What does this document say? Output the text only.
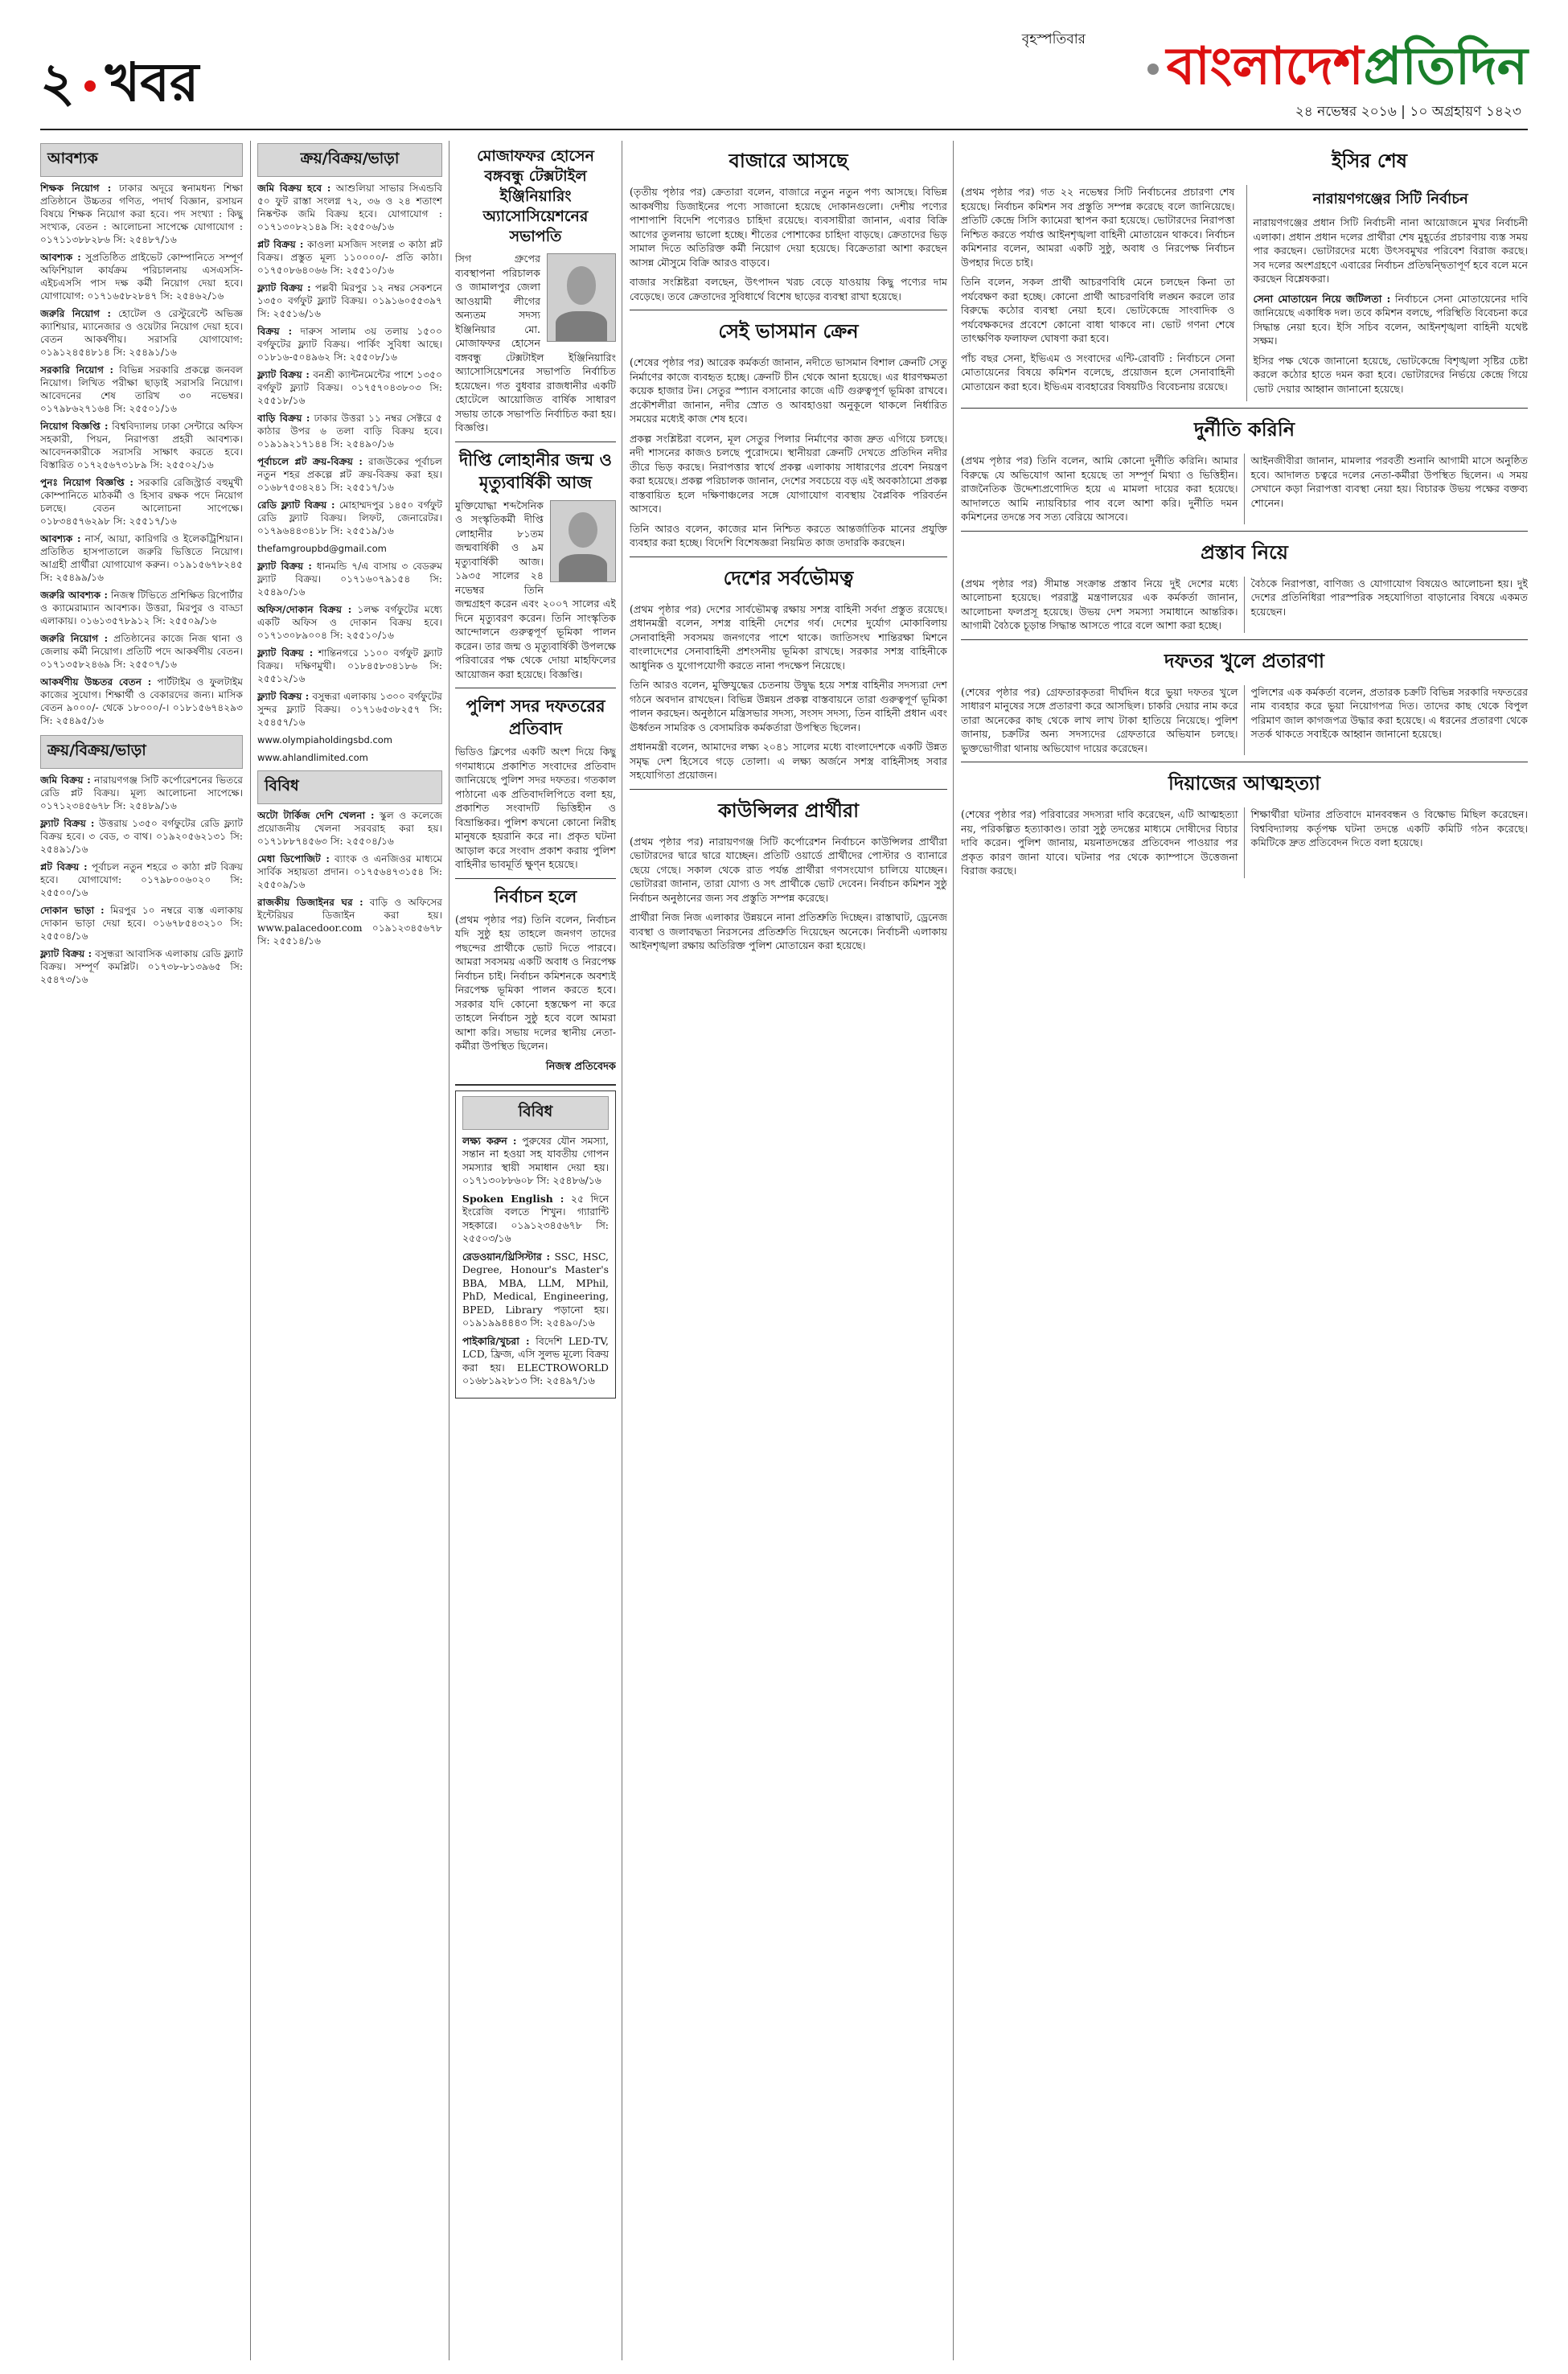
২ খবর
বৃহস্পতিবার	বাংলাদেশপ্রতিদিন
২৪ নভেম্বর ২০১৬ | ১০ অগ্রহায়ণ ১৪২৩
আবশ্যক

শিক্ষক নিয়োগ : ঢাকার অদূরে স্বনামধন্য শিক্ষা প্রতিষ্ঠানে উচ্চতর গণিত, পদার্থ বিজ্ঞান, রসায়ন বিষয়ে শিক্ষক নিয়োগ করা হবে। পদ সংখ্যা : কিছু সংখ্যক, বেতন : আলোচনা সাপেক্ষে যোগাযোগ : ০১৭১১৩৮৮২৮৬ সি: ২৫৪৮৭/১৬

আবশ্যক : সুপ্রতিষ্ঠিত প্রাইভেট কোম্পানিতে সম্পূর্ণ অফিশিয়াল কার্যক্রম পরিচালনায় এসএসসি-এইচএসসি পাস দক্ষ কর্মী নিয়োগ দেয়া হবে। যোগাযোগ: ০১৭১৬৫৮২৮৪৭ সি: ২৫৪৬২/১৬

জরুরি নিয়োগ : হোটেল ও রেস্টুরেন্টে অভিজ্ঞ ক্যাশিয়ার, ম্যানেজার ও ওয়েটার নিয়োগ দেয়া হবে। বেতন আকর্ষণীয়। সরাসরি যোগাযোগ: ০১৯১২৪৫৪৮১৪ সি: ২৫৪৯১/১৬

সরকারি নিয়োগ : বিভিন্ন সরকারি প্রকল্পে জনবল নিয়োগ। লিখিত পরীক্ষা ছাড়াই সরাসরি নিয়োগ। আবেদনের শেষ তারিখ ৩০ নভেম্বর। ০১৭৯৮৬২৭১৬৪ সি: ২৫৫০১/১৬

নিয়োগ বিজ্ঞপ্তি : বিশ্ববিদ্যালয় ঢাকা সেন্টারে অফিস সহকারী, পিয়ন, নিরাপত্তা প্রহরী আবশ্যক। আবেদনকারীকে সরাসরি সাক্ষাৎ করতে হবে। বিস্তারিত ০১৭২৫৬৭৩১৮৯ সি: ২৫৫০২/১৬

পুনঃ নিয়োগ বিজ্ঞপ্তি : সরকারি রেজিস্ট্রার্ড বহুমুখী কোম্পানিতে মাঠকর্মী ও হিসাব রক্ষক পদে নিয়োগ চলছে। বেতন আলোচনা সাপেক্ষে। ০১৮৩৪৫৭৬২৯৮ সি: ২৫৫১৭/১৬

আবশ্যক : নার্স, আয়া, কারিগরি ও ইলেকট্রিশিয়ান। প্রতিষ্ঠিত হাসপাতালে জরুরি ভিত্তিতে নিয়োগ। আগ্রহী প্রার্থীরা যোগাযোগ করুন। ০১৯১৫৬৭৮২৪৫ সি: ২৫৪৯৯/১৬

জরুরি আবশ্যক : নিজস্ব টিভিতে প্রশিক্ষিত রিপোর্টার ও ক্যামেরাম্যান আবশ্যক। উত্তরা, মিরপুর ও বাড্ডা এলাকায়। ০১৬১৩৫৭৮৯১২ সি: ২৫৫০৯/১৬

জরুরি নিয়োগ : প্রতিষ্ঠানের কাজে নিজ থানা ও জেলায় কর্মী নিয়োগ। প্রতিটি পদে আকর্ষণীয় বেতন। ০১৭১৩৫৮২৪৬৯ সি: ২৫৫০৭/১৬

আকর্ষণীয় উচ্চতর বেতন : পার্টটাইম ও ফুলটাইম কাজের সুযোগ। শিক্ষার্থী ও বেকারদের জন্য। মাসিক বেতন ৯০০০/- থেকে ১৮০০০/-। ০১৮১৫৬৭৪২৯৩ সি: ২৫৪৯৫/১৬

ক্রয়/বিক্রয়/ভাড়া

জমি বিক্রয় : নারায়ণগঞ্জ সিটি কর্পোরেশনের ভিতরে রেডি প্লট বিক্রয়। মূল্য আলোচনা সাপেক্ষে। ০১৭১২৩৪৫৬৭৮ সি: ২৫৪৮৯/১৬

ফ্ল্যাট বিক্রয় : উত্তরায় ১৩৫০ বর্গফুটের রেডি ফ্ল্যাট বিক্রয় হবে। ৩ বেড, ৩ বাথ। ০১৯২০৫৬২১৩১ সি: ২৫৪৯১/১৬

প্লট বিক্রয় : পূর্বাচল নতুন শহরে ৩ কাঠা প্লট বিক্রয় হবে। যোগাযোগ: ০১৭৯৮০০৬০২০ সি: ২৫৫০০/১৬

দোকান ভাড়া : মিরপুর ১০ নম্বরে ব্যস্ত এলাকায় দোকান ভাড়া দেয়া হবে। ০১৬৭৮৫৪৩২১০ সি: ২৫৫০৪/১৬

ফ্ল্যাট বিক্রয় : বসুন্ধরা আবাসিক এলাকায় রেডি ফ্ল্যাট বিক্রয়। সম্পূর্ণ কমপ্লিট। ০১৭৩৮-৮১৩৯৬৫ সি: ২৫৪৭৩/১৬

ক্রয়/বিক্রয়/ভাড়া

জমি বিক্রয় হবে : আশুলিয়া সাভার সিএন্ডবি ৫০ ফুট রাস্তা সংলগ্ন ৭২, ৩৬ ও ২৪ শতাংশ নিষ্কণ্টক জমি বিক্রয় হবে। যোগাযোগ : ০১৭১৩০৮২১৪৯ সি: ২৫৫০৬/১৬

প্লট বিক্রয় : কাওলা মসজিদ সংলগ্ন ৩ কাঠা প্লট বিক্রয়। প্রস্তুত মূল্য ১১০০০০/- প্রতি কাঠা। ০১৭৫০৮৬৪০৬৬ সি: ২৫৫১০/১৬

ফ্ল্যাট বিক্রয় : পল্লবী মিরপুর ১২ নম্বর সেকশনে ১৩৫০ বর্গফুট ফ্ল্যাট বিক্রয়। ০১৯১৬০৫৫৩৯৭ সি: ২৫৫১৬/১৬

বিক্রয় : দারুস সালাম ৩য় তলায় ১৫০০ বর্গফুটের ফ্ল্যাট বিক্রয়। পার্কিং সুবিধা আছে। ০১৮১৬-৫০৪৯৬২ সি: ২৫৫০৮/১৬

ফ্ল্যাট বিক্রয় : বনশ্রী ক্যান্টনমেন্টের পাশে ১৩৫০ বর্গফুট ফ্ল্যাট বিক্রয়। ০১৭৫৭০৪৩৮০৩ সি: ২৫৫১৮/১৬

বাড়ি বিক্রয় : ঢাকার উত্তরা ১১ নম্বর সেক্টরে ৫ কাঠার উপর ৬ তলা বাড়ি বিক্রয় হবে। ০১৯১৯২১৭১৪৪ সি: ২৫৪৯০/১৬

পূর্বাচলে প্লট ক্রয়-বিক্রয় : রাজউকের পূর্বাচল নতুন শহর প্রকল্পে প্লট ক্রয়-বিক্রয় করা হয়। ০১৬৮৭৫৩৪২৪১ সি: ২৫৫১৭/১৬

রেডি ফ্ল্যাট বিক্রয় : মোহাম্মদপুর ১৪৫০ বর্গফুট রেডি ফ্ল্যাট বিক্রয়। লিফট, জেনারেটর। ০১৭৯৬৪৪৩৪১৮ সি: ২৫৫১৯/১৬

thefamgroupbd@gmail.com

ফ্ল্যাট বিক্রয় : ধানমন্ডি ৭/এ বাসায় ৩ বেডরুম ফ্ল্যাট বিক্রয়। ০১৭১৬০৭৯১৫৪ সি: ২৫৪৯০/১৬

অফিস/দোকান বিক্রয় : ১লক্ষ বর্গফুটের মধ্যে একটি অফিস ও দোকান বিক্রয় হবে। ০১৭১৩০৮৯০০৪ সি: ২৫৫১০/১৬

ফ্ল্যাট বিক্রয় : শান্তিনগরে ১১০০ বর্গফুট ফ্ল্যাট বিক্রয়। দক্ষিণমুখী। ০১৮৪৫৮৩৪১৮৬ সি: ২৫৫১২/১৬

ফ্ল্যাট বিক্রয় : বসুন্ধরা এলাকায় ১৩০০ বর্গফুটের সুন্দর ফ্ল্যাট বিক্রয়। ০১৭১৬৫৩৮২৫৭ সি: ২৫৪৫৭/১৬

www.olympiaholdingsbd.com

www.ahlandlimited.com

বিবিধ

অটো টার্কিজ দেশি খেলনা : স্কুল ও কলেজে প্রয়োজনীয় খেলনা সরবরাহ করা হয়। ০১৭১৮৮৭৪৫৬৩ সি: ২৫৫০৪/১৬

মেধা ডিপোজিট : ব্যাংক ও এনজিওর মাধ্যমে সার্বিক সহায়তা প্রদান। ০১৭৫৬৪৭৩১৫৪ সি: ২৫৫০৯/১৬

রাজকীয় ডিজাইনর ঘর : বাড়ি ও অফিসের ইন্টেরিয়র ডিজাইন করা হয়। www.palacedoor.com ০১৯১২৩৪৫৬৭৮ সি: ২৫৫১৪/১৬

মোজাফফর হোসেন বঙ্গবন্ধু টেক্সটাইল ইঞ্জিনিয়ারিং অ্যাসোসিয়েশনের সভাপতি

সিগ গ্রুপের ব্যবস্থাপনা পরিচালক ও জামালপুর জেলা আওয়ামী লীগের অন্যতম সদস্য ইঞ্জিনিয়ার মো. মোজাফফর হোসেন বঙ্গবন্ধু টেক্সটাইল ইঞ্জিনিয়ারিং অ্যাসোসিয়েশনের সভাপতি নির্বাচিত হয়েছেন। গত বুধবার রাজধানীর একটি হোটেলে আয়োজিত বার্ষিক সাধারণ সভায় তাকে সভাপতি নির্বাচিত করা হয়। বিজ্ঞপ্তি।

দীপ্তি লোহানীর জন্ম ও মৃত্যুবার্ষিকী আজ

মুক্তিযোদ্ধা শব্দসৈনিক ও সংস্কৃতিকর্মী দীপ্তি লোহানীর ৮১তম জন্মবার্ষিকী ও ৯ম মৃত্যুবার্ষিকী আজ। ১৯৩৫ সালের ২৪ নভেম্বর তিনি জন্মগ্রহণ করেন এবং ২০০৭ সালের এই দিনে মৃত্যুবরণ করেন। তিনি সাংস্কৃতিক আন্দোলনে গুরুত্বপূর্ণ ভূমিকা পালন করেন। তার জন্ম ও মৃত্যুবার্ষিকী উপলক্ষে পরিবারের পক্ষ থেকে দোয়া মাহফিলের আয়োজন করা হয়েছে। বিজ্ঞপ্তি।

পুলিশ সদর দফতরের প্রতিবাদ

ভিডিও ক্লিপের একটি অংশ দিয়ে কিছু গণমাধ্যমে প্রকাশিত সংবাদের প্রতিবাদ জানিয়েছে পুলিশ সদর দফতর। গতকাল পাঠানো এক প্রতিবাদলিপিতে বলা হয়, প্রকাশিত সংবাদটি ভিত্তিহীন ও বিভ্রান্তিকর। পুলিশ কখনো কোনো নিরীহ মানুষকে হয়রানি করে না। প্রকৃত ঘটনা আড়াল করে সংবাদ প্রকাশ করায় পুলিশ বাহিনীর ভাবমূর্তি ক্ষুণ্ন হয়েছে।

নির্বাচন হলে

(প্রথম পৃষ্ঠার পর) তিনি বলেন, নির্বাচন যদি সুষ্ঠু হয় তাহলে জনগণ তাদের পছন্দের প্রার্থীকে ভোট দিতে পারবে। আমরা সবসময় একটি অবাধ ও নিরপেক্ষ নির্বাচন চাই। নির্বাচন কমিশনকে অবশ্যই নিরপেক্ষ ভূমিকা পালন করতে হবে। সরকার যদি কোনো হস্তক্ষেপ না করে তাহলে নির্বাচন সুষ্ঠু হবে বলে আমরা আশা করি। সভায় দলের স্থানীয় নেতা-কর্মীরা উপস্থিত ছিলেন।

নিজস্ব প্রতিবেদক
বিবিধ

লক্ষ্য করুন : পুরুষের যৌন সমস্যা, সন্তান না হওয়া সহ যাবতীয় গোপন সমস্যার স্থায়ী সমাধান দেয়া হয়। ০১৭১৩০৮৮৬০৮ সি: ২৫৪৮৬/১৬

Spoken English : ২৫ দিনে ইংরেজি বলতে শিখুন। গ্যারান্টি সহকারে। ০১৯১২৩৪৫৬৭৮ সি: ২৫৫০৩/১৬

রেডওয়ান/থ্রিসিস্টার : SSC, HSC, Degree, Honour's Master's BBA, MBA, LLM, MPhil, PhD, Medical, Engineering, BPED, Library পড়ানো হয়। ০১৯১৯৯৪৪৪৩ সি: ২৫৪৯০/১৬

পাইকারি/খুচরা : বিদেশি LED-TV, LCD, ফ্রিজ, এসি সুলভ মূল্যে বিক্রয় করা হয়। ELECTROWORLD ০১৬৮১৯২৮১৩ সি: ২৫৪৯৭/১৬

বাজারে আসছে

(তৃতীয় পৃষ্ঠার পর) ক্রেতারা বলেন, বাজারে নতুন নতুন পণ্য আসছে। বিভিন্ন আকর্ষণীয় ডিজাইনের পণ্যে সাজানো হয়েছে দোকানগুলো। দেশীয় পণ্যের পাশাপাশি বিদেশি পণ্যেরও চাহিদা রয়েছে। ব্যবসায়ীরা জানান, এবার বিক্রি আগের তুলনায় ভালো হচ্ছে। শীতের পোশাকের চাহিদা বাড়ছে। ক্রেতাদের ভিড় সামাল দিতে অতিরিক্ত কর্মী নিয়োগ দেয়া হয়েছে। বিক্রেতারা আশা করছেন আসন্ন মৌসুমে বিক্রি আরও বাড়বে।

বাজার সংশ্লিষ্টরা বলছেন, উৎপাদন খরচ বেড়ে যাওয়ায় কিছু পণ্যের দাম বেড়েছে। তবে ক্রেতাদের সুবিধার্থে বিশেষ ছাড়ের ব্যবস্থা রাখা হয়েছে।

সেই ভাসমান ক্রেন

(শেষের পৃষ্ঠার পর) আরেক কর্মকর্তা জানান, নদীতে ভাসমান বিশাল ক্রেনটি সেতু নির্মাণের কাজে ব্যবহৃত হচ্ছে। ক্রেনটি চীন থেকে আনা হয়েছে। এর ধারণক্ষমতা কয়েক হাজার টন। সেতুর স্প্যান বসানোর কাজে এটি গুরুত্বপূর্ণ ভূমিকা রাখবে। প্রকৌশলীরা জানান, নদীর স্রোত ও আবহাওয়া অনুকূলে থাকলে নির্ধারিত সময়ের মধ্যেই কাজ শেষ হবে।

প্রকল্প সংশ্লিষ্টরা বলেন, মূল সেতুর পিলার নির্মাণের কাজ দ্রুত এগিয়ে চলছে। নদী শাসনের কাজও চলছে পুরোদমে। স্থানীয়রা ক্রেনটি দেখতে প্রতিদিন নদীর তীরে ভিড় করছে। নিরাপত্তার স্বার্থে প্রকল্প এলাকায় সাধারণের প্রবেশ নিয়ন্ত্রণ করা হয়েছে। প্রকল্প পরিচালক জানান, দেশের সবচেয়ে বড় এই অবকাঠামো প্রকল্প বাস্তবায়িত হলে দক্ষিণাঞ্চলের সঙ্গে যোগাযোগ ব্যবস্থায় বৈপ্লবিক পরিবর্তন আসবে।

তিনি আরও বলেন, কাজের মান নিশ্চিত করতে আন্তর্জাতিক মানের প্রযুক্তি ব্যবহার করা হচ্ছে। বিদেশি বিশেষজ্ঞরা নিয়মিত কাজ তদারকি করছেন।

দেশের সর্বভৌমত্ব

(প্রথম পৃষ্ঠার পর) দেশের সার্বভৌমত্ব রক্ষায় সশস্ত্র বাহিনী সর্বদা প্রস্তুত রয়েছে। প্রধানমন্ত্রী বলেন, সশস্ত্র বাহিনী দেশের গর্ব। দেশের দুর্যোগ মোকাবিলায় সেনাবাহিনী সবসময় জনগণের পাশে থাকে। জাতিসংঘ শান্তিরক্ষা মিশনে বাংলাদেশের সেনাবাহিনী প্রশংসনীয় ভূমিকা রাখছে। সরকার সশস্ত্র বাহিনীকে আধুনিক ও যুগোপযোগী করতে নানা পদক্ষেপ নিয়েছে।

তিনি আরও বলেন, মুক্তিযুদ্ধের চেতনায় উদ্বুদ্ধ হয়ে সশস্ত্র বাহিনীর সদস্যরা দেশ গঠনে অবদান রাখছেন। বিভিন্ন উন্নয়ন প্রকল্প বাস্তবায়নে তারা গুরুত্বপূর্ণ ভূমিকা পালন করছেন। অনুষ্ঠানে মন্ত্রিসভার সদস্য, সংসদ সদস্য, তিন বাহিনী প্রধান এবং ঊর্ধ্বতন সামরিক ও বেসামরিক কর্মকর্তারা উপস্থিত ছিলেন।

প্রধানমন্ত্রী বলেন, আমাদের লক্ষ্য ২০৪১ সালের মধ্যে বাংলাদেশকে একটি উন্নত সমৃদ্ধ দেশ হিসেবে গড়ে তোলা। এ লক্ষ্য অর্জনে সশস্ত্র বাহিনীসহ সবার সহযোগিতা প্রয়োজন।

কাউন্সিলর প্রার্থীরা

(প্রথম পৃষ্ঠার পর) নারায়ণগঞ্জ সিটি কর্পোরেশন নির্বাচনে কাউন্সিলর প্রার্থীরা ভোটারদের দ্বারে দ্বারে যাচ্ছেন। প্রতিটি ওয়ার্ডে প্রার্থীদের পোস্টার ও ব্যানারে ছেয়ে গেছে। সকাল থেকে রাত পর্যন্ত প্রার্থীরা গণসংযোগ চালিয়ে যাচ্ছেন। ভোটাররা জানান, তারা যোগ্য ও সৎ প্রার্থীকে ভোট দেবেন। নির্বাচন কমিশন সুষ্ঠু নির্বাচন অনুষ্ঠানের জন্য সব প্রস্তুতি সম্পন্ন করেছে।

প্রার্থীরা নিজ নিজ এলাকার উন্নয়নে নানা প্রতিশ্রুতি দিচ্ছেন। রাস্তাঘাট, ড্রেনেজ ব্যবস্থা ও জলাবদ্ধতা নিরসনের প্রতিশ্রুতি দিয়েছেন অনেকে। নির্বাচনী এলাকায় আইনশৃঙ্খলা রক্ষায় অতিরিক্ত পুলিশ মোতায়েন করা হয়েছে।

ইসির শেষ

(প্রথম পৃষ্ঠার পর) গত ২২ নভেম্বর সিটি নির্বাচনের প্রচারণা শেষ হয়েছে। নির্বাচন কমিশন সব প্রস্তুতি সম্পন্ন করেছে বলে জানিয়েছে। প্রতিটি কেন্দ্রে সিসি ক্যামেরা স্থাপন করা হয়েছে। ভোটারদের নিরাপত্তা নিশ্চিত করতে পর্যাপ্ত আইনশৃঙ্খলা বাহিনী মোতায়েন থাকবে। নির্বাচন কমিশনার বলেন, আমরা একটি সুষ্ঠু, অবাধ ও নিরপেক্ষ নির্বাচন উপহার দিতে চাই।

তিনি বলেন, সকল প্রার্থী আচরণবিধি মেনে চলছেন কিনা তা পর্যবেক্ষণ করা হচ্ছে। কোনো প্রার্থী আচরণবিধি লঙ্ঘন করলে তার বিরুদ্ধে কঠোর ব্যবস্থা নেয়া হবে। ভোটকেন্দ্রে সাংবাদিক ও পর্যবেক্ষকদের প্রবেশে কোনো বাধা থাকবে না। ভোট গণনা শেষে তাৎক্ষণিক ফলাফল ঘোষণা করা হবে।

পাঁচ বছর সেনা, ইভিএম ও সংবাদের এন্টি-রোবটি : নির্বাচনে সেনা মোতায়েনের বিষয়ে কমিশন বলেছে, প্রয়োজন হলে সেনাবাহিনী মোতায়েন করা হবে। ইভিএম ব্যবহারের বিষয়টিও বিবেচনায় রয়েছে।

নারায়ণগঞ্জের সিটি নির্বাচন

নারায়ণগঞ্জের প্রধান সিটি নির্বাচনী নানা আয়োজনে মুখর নির্বাচনী এলাকা। প্রধান প্রধান দলের প্রার্থীরা শেষ মুহূর্তের প্রচারণায় ব্যস্ত সময় পার করছেন। ভোটারদের মধ্যে উৎসবমুখর পরিবেশ বিরাজ করছে। সব দলের অংশগ্রহণে এবারের নির্বাচন প্রতিদ্বন্দ্বিতাপূর্ণ হবে বলে মনে করছেন বিশ্লেষকরা।

সেনা মোতায়েন নিয়ে জটিলতা : নির্বাচনে সেনা মোতায়েনের দাবি জানিয়েছে একাধিক দল। তবে কমিশন বলছে, পরিস্থিতি বিবেচনা করে সিদ্ধান্ত নেয়া হবে। ইসি সচিব বলেন, আইনশৃঙ্খলা বাহিনী যথেষ্ট সক্ষম।

ইসির পক্ষ থেকে জানানো হয়েছে, ভোটকেন্দ্রে বিশৃঙ্খলা সৃষ্টির চেষ্টা করলে কঠোর হাতে দমন করা হবে। ভোটারদের নির্ভয়ে কেন্দ্রে গিয়ে ভোট দেয়ার আহ্বান জানানো হয়েছে।

দুর্নীতি করিনি

(প্রথম পৃষ্ঠার পর) তিনি বলেন, আমি কোনো দুর্নীতি করিনি। আমার বিরুদ্ধে যে অভিযোগ আনা হয়েছে তা সম্পূর্ণ মিথ্যা ও ভিত্তিহীন। রাজনৈতিক উদ্দেশ্যপ্রণোদিত হয়ে এ মামলা দায়ের করা হয়েছে। আদালতে আমি ন্যায়বিচার পাব বলে আশা করি। দুর্নীতি দমন কমিশনের তদন্তে সব সত্য বেরিয়ে আসবে।

আইনজীবীরা জানান, মামলার পরবর্তী শুনানি আগামী মাসে অনুষ্ঠিত হবে। আদালত চত্বরে দলের নেতা-কর্মীরা উপস্থিত ছিলেন। এ সময় সেখানে কড়া নিরাপত্তা ব্যবস্থা নেয়া হয়। বিচারক উভয় পক্ষের বক্তব্য শোনেন।

প্রস্তাব নিয়ে

(প্রথম পৃষ্ঠার পর) সীমান্ত সংক্রান্ত প্রস্তাব নিয়ে দুই দেশের মধ্যে আলোচনা হয়েছে। পররাষ্ট্র মন্ত্রণালয়ের এক কর্মকর্তা জানান, আলোচনা ফলপ্রসূ হয়েছে। উভয় দেশ সমস্যা সমাধানে আন্তরিক। আগামী বৈঠকে চূড়ান্ত সিদ্ধান্ত আসতে পারে বলে আশা করা হচ্ছে।

বৈঠকে নিরাপত্তা, বাণিজ্য ও যোগাযোগ বিষয়েও আলোচনা হয়। দুই দেশের প্রতিনিধিরা পারস্পরিক সহযোগিতা বাড়ানোর বিষয়ে একমত হয়েছেন।

দফতর খুলে প্রতারণা

(শেষের পৃষ্ঠার পর) গ্রেফতারকৃতরা দীর্ঘদিন ধরে ভুয়া দফতর খুলে সাধারণ মানুষের সঙ্গে প্রতারণা করে আসছিল। চাকরি দেয়ার নাম করে তারা অনেকের কাছ থেকে লাখ লাখ টাকা হাতিয়ে নিয়েছে। পুলিশ জানায়, চক্রটির অন্য সদস্যদের গ্রেফতারে অভিযান চলছে। ভুক্তভোগীরা থানায় অভিযোগ দায়ের করেছেন।

পুলিশের এক কর্মকর্তা বলেন, প্রতারক চক্রটি বিভিন্ন সরকারি দফতরের নাম ব্যবহার করে ভুয়া নিয়োগপত্র দিত। তাদের কাছ থেকে বিপুল পরিমাণ জাল কাগজপত্র উদ্ধার করা হয়েছে। এ ধরনের প্রতারণা থেকে সতর্ক থাকতে সবাইকে আহ্বান জানানো হয়েছে।

দিয়াজের আত্মহত্যা

(শেষের পৃষ্ঠার পর) পরিবারের সদস্যরা দাবি করেছেন, এটি আত্মহত্যা নয়, পরিকল্পিত হত্যাকাণ্ড। তারা সুষ্ঠু তদন্তের মাধ্যমে দোষীদের বিচার দাবি করেন। পুলিশ জানায়, ময়নাতদন্তের প্রতিবেদন পাওয়ার পর প্রকৃত কারণ জানা যাবে। ঘটনার পর থেকে ক্যাম্পাসে উত্তেজনা বিরাজ করছে।

শিক্ষার্থীরা ঘটনার প্রতিবাদে মানববন্ধন ও বিক্ষোভ মিছিল করেছেন। বিশ্ববিদ্যালয় কর্তৃপক্ষ ঘটনা তদন্তে একটি কমিটি গঠন করেছে। কমিটিকে দ্রুত প্রতিবেদন দিতে বলা হয়েছে।
